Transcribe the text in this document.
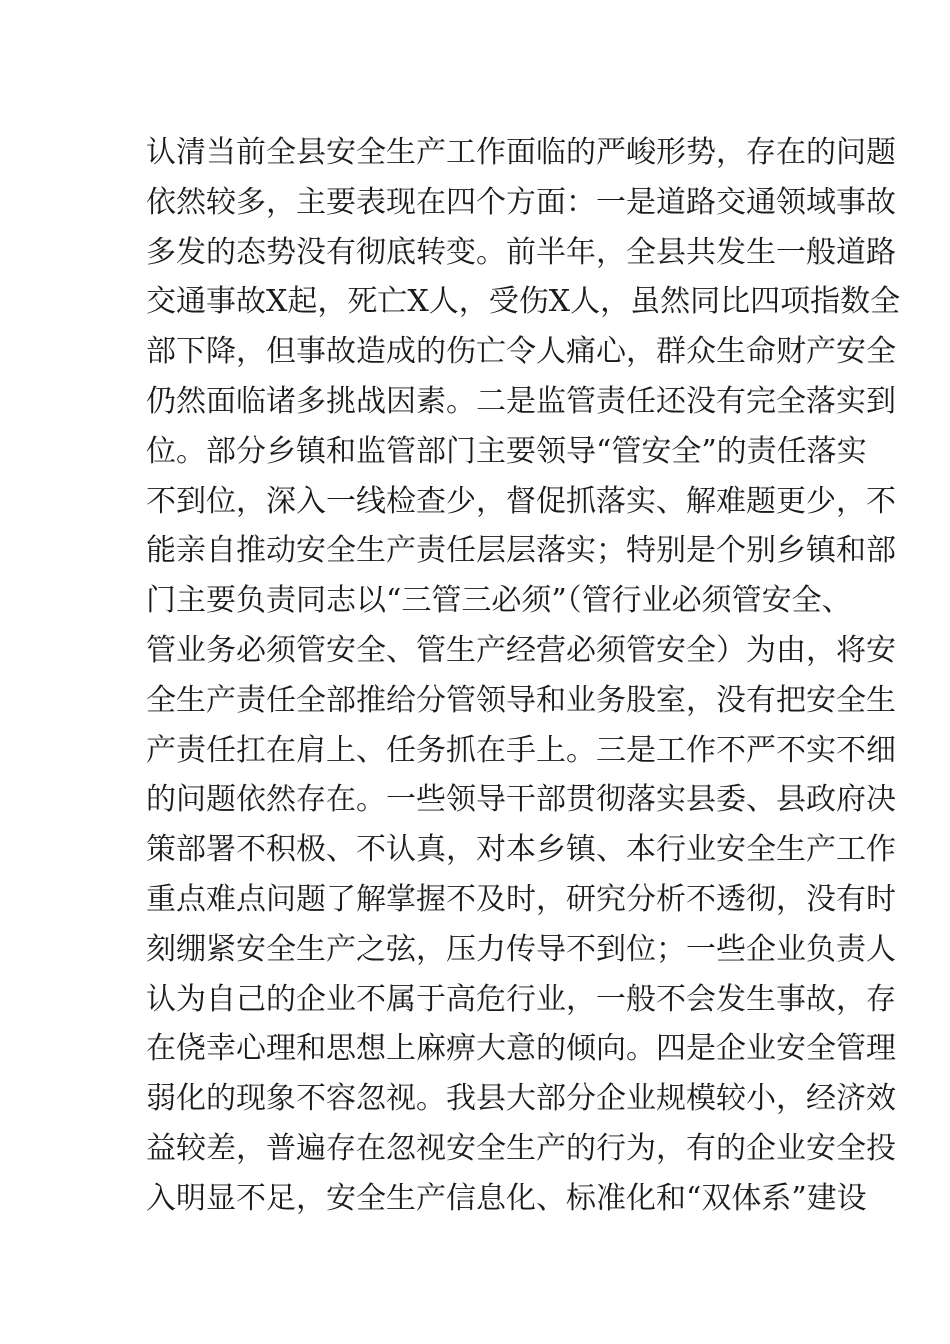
认清当前全县安全生产工作面临的严峻形势，存在的问题
依然较多，主要表现在四个方面：一是道路交通领域事故
多发的态势没有彻底转变。前半年，全县共发生一般道路
交通事故X起，死亡X人，受伤X人，虽然同比四项指数全
部下降，但事故造成的伤亡令人痛心，群众生命财产安全
仍然面临诸多挑战因素。二是监管责任还没有完全落实到
位。部分乡镇和监管部门主要领导“管安全”的责任落实
不到位，深入一线检查少，督促抓落实、解难题更少，不
能亲自推动安全生产责任层层落实；特别是个别乡镇和部
门主要负责同志以“三管三必须”（管行业必须管安全、
管业务必须管安全、管生产经营必须管安全）为由，将安
全生产责任全部推给分管领导和业务股室，没有把安全生
产责任扛在肩上、任务抓在手上。三是工作不严不实不细
的问题依然存在。一些领导干部贯彻落实县委、县政府决
策部署不积极、不认真，对本乡镇、本行业安全生产工作
重点难点问题了解掌握不及时，研究分析不透彻，没有时
刻绷紧安全生产之弦，压力传导不到位；一些企业负责人
认为自己的企业不属于高危行业，一般不会发生事故，存
在侥幸心理和思想上麻痹大意的倾向。四是企业安全管理
弱化的现象不容忽视。我县大部分企业规模较小，经济效
益较差，普遍存在忽视安全生产的行为，有的企业安全投
入明显不足，安全生产信息化、标准化和“双体系”建设
